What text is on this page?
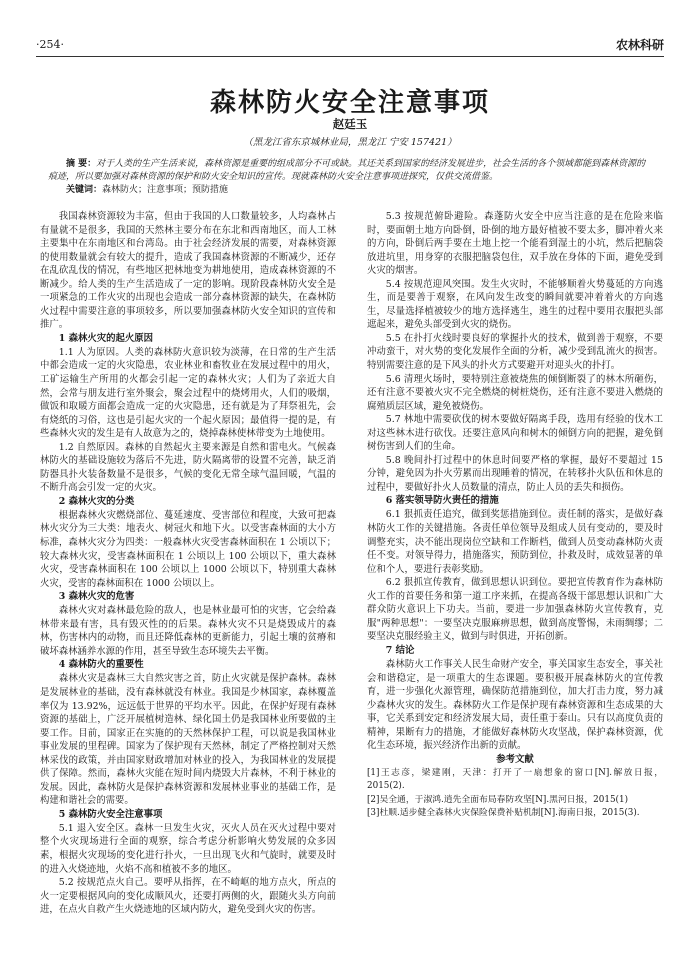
·254·	农林科研
森林防火安全注意事项
赵廷玉
（黑龙江省东京城林业局，黑龙江 宁安 157421）
摘 要：对于人类的生产生活来说，森林资源是重要的组成部分不可或缺。其还关系到国家的经济发展进步，社会生活的各个领域都能到森林资源的痕迹，所以要加强对森林资源的保护和防火安全知识的宣传。现就森林防火安全注意事项进探究，仅供交流借鉴。
关键词：森林防火；注意事项；预防措施

我国森林资源较为丰富，但由于我国的人口数量较多，人均森林占有量就不是很多，我国的天然林主要分布在东北和西南地区，而人工林主要集中在东南地区和台湾岛。由于社会经济发展的需要，对森林资源的使用数量就会有较大的提升，造成了我国森林资源的不断减少，还存在乱砍乱伐的情况，有些地区把林地变为耕地使用，造成森林资源的不断减少。给人类的生产生活造成了一定的影响。现阶段森林防火安全是一项紧急的工作火灾的出现也会造成一部分森林资源的缺失，在森林防火过程中需要注意的事项较多，所以要加强森林防火安全知识的宣传和推广。

1 森林火灾的起火原因

1.1 人为原因。人类的森林防火意识较为淡薄，在日常的生产生活中都会造成一定的火灾隐患，农业林业和畜牧业在发展过程中的用火，工矿运输生产所用的火都会引起一定的森林火灾；人们为了亲近大自然，会常与朋友进行室外聚会，聚会过程中的烧烤用火，人们的吸烟，做饭和取暖方面都会造成一定的火灾隐患，还有就是为了拜祭祖先，会有烧纸的习俗，这也是引起火灾的一个起火原因；最值得一提的是，有些森林火灾的发生是有人故意为之的，烧掉森林使林带变为土地使用。

1.2 自然原因。森林的自然起火主要来源是自然和雷电火。气候森林防火的基础设施较为落后不先进，防火隔离带的设置不完善，缺乏消防器具扑火装备数量不是很多，气候的变化无常全球气温回暖，气温的不断升高会引发一定的火灾。

2 森林火灾的分类

根据森林火灾燃烧部位、蔓延速度、受害部位和程度，大致可把森林火灾分为三大类：地表火、树冠火和地下火。以受害森林面的大小方标准，森林火灾分为四类：一般森林火灾受害森林面积在 1 公顷以下；较大森林火灾，受害森林面积在 1 公顷以上 100 公顷以下，重大森林火灾，受害森林面积在 100 公顷以上 1000 公顷以下，特别重大森林火灾，受害的森林面积在 1000 公顷以上。

3 森林火灾的危害

森林火灾对森林最危险的敌人，也是林业最可怕的灾害，它会给森林带来最有害，具有毁灭性的的后果。森林火灾不只是烧毁成片的森林，伤害林内的动物，而且还降低森林的更新能力，引起土壤的贫瘠和破坏森林涵养水源的作用，甚至导致生态环境失去平衡。

4 森林防火的重要性

森林火灾是森林三大自然灾害之首，防止火灾就是保护森林。森林是发展林业的基础，没有森林就没有林业。我国是少林国家，森林覆盖率仅为 13.92%，远远低于世界的平均水平。因此，在保护好现有森林资源的基础上，广泛开展植树造林、绿化国土仍是我国林业所要做的主要工作。目前，国家正在实施的的天然林保护工程，可以说是我国林业事业发展的里程碑。国家为了保护现有天然林，制定了严格控制对天然林采伐的政策，并由国家财政增加对林业的投入，为我国林业的发展提供了保障。然而，森林火灾能在短时间内烧毁大片森林，不利于林业的发展。因此，森林防火是保护森林资源和发展林业事业的基础工作，是构建和谐社会的需要。

5 森林防火安全注意事项

5.1 退入安全区。森林一旦发生火灾，灭火人员在灭火过程中要对整个火灾现场进行全面的观察，综合考虑分析影响火势发展的众多因素，根据火灾现场的变化进行扑火，一旦出现飞火和气旋时，就要及时的进入火烧迹地，火焰不高和植被不多的地区。

5.2 按规范点火自己。要呼从指挥，在不崎岖的地方点火，所点的火一定要根据风向的变化成顺风火，还要打两侧的火，跟随火头方向前进，在点火自救产生火烧迹地的区域内防火，避免受到火灾的伤害。

5.3 按规范俯卧避险。森蓬防火安全中应当注意的是在危险来临时，要面朝土地方向卧倒，卧倒的地方最好植被不要太多，脚冲着火来的方向，卧倒后两手要在土地上挖一个能看到湿土的小坑，然后把脑袋放进坑里，用身穿的衣服把脑袋包住，双手放在身体的下面，避免受到火灾的烟害。

5.4 按规范迎风突围。发生火灾时，不能够顺着火势蔓延的方向逃生，而是要善于观察，在风向发生改变的瞬间就要冲着着火的方向逃生，尽量选择植被较少的地方选择逃生，逃生的过程中要用衣服把头部遮起来，避免头部受到火灾的烧伤。

5.5 在扑打火线时要良好的掌握扑火的技术，做到善于观察，不要冲动蛮干，对火势的变化发展作全面的分析，减少受到乱流火的损害。特别需要注意的是下风头的扑火方式要避开对迎头火的扑打。

5.6 清理火场时，要特别注意被烧焦的倾倒断裂了的林木所砸伤，还有注意不要被火灾不完全燃烧的树桩烧伤，还有注意不要进入燃烧的腐殖质层区域，避免被烧伤。

5.7 林地中需要砍伐的树木要做好隔离手段，选用有经验的伐木工对这些林木进行砍伐。还要注意风向和树木的倾倒方向的把握，避免倒树伤害到人们的生命。

5.8 晚间扑打过程中的休息时间要严格的掌握，最好不要超过 15 分钟，避免因为扑火劳累而出现睡着的情况，在转移扑火队伍和休息的过程中，要做好扑火人员数量的清点，防止人员的丢失和损伤。

6 落实领导防火责任的措施

6.1 狠抓责任追究，做到奖惩措施到位。责任制的落实，是做好森林防火工作的关键措施。各责任单位领导及组成人员有变动的，要及时调整充实，决不能出现岗位空缺和工作断档，做到人员变动森林防火责任不变。对领导得力，措施落实，预防到位，扑救及时，成效显著的单位和个人，要进行表彰奖励。

6.2 狠抓宣传教育，做到思想认识到位。要把宣传教育作为森林防火工作的首要任务和第一道工序来抓，在提高各级干部思想认识和广大群众防火意识上下功夫。当前，要进一步加强森林防火宣传教育，克服"两种思想"：一要坚决克服麻痹思想，做到高度警惕，未雨绸缪；二要坚决克服经验主义，做到与时俱进，开拓创新。

7 结论

森林防火工作事关人民生命财产安全，事关国家生态安全，事关社会和谐稳定，是一项重大的生态课题。要积极开展森林防火的宣传教育，进一步强化火源管理，确保防范措施到位，加大打击力度，努力减少森林火灾的发生。森林防火工作是保护现有森林资源和生态成果的大事，它关系到安定和经济发展大局，责任重于泰山。只有以高度负责的精神，果断有力的措施，才能做好森林防火攻坚战，保护森林资源，优化生态环境，振兴经济作出新的贡献。

参考文献

[1]王志彦，梁建刚，天津：打开了一扇想象的窗口[N].解放日报，2015(2).

[2]吴全通，于淑鸿.逍先全面布局春防攻坚[N].黑河日报，2015(1)

[3]杜顺.适步健全森林火灾保险保费补贴机制[N].海南日报，2015(3).
